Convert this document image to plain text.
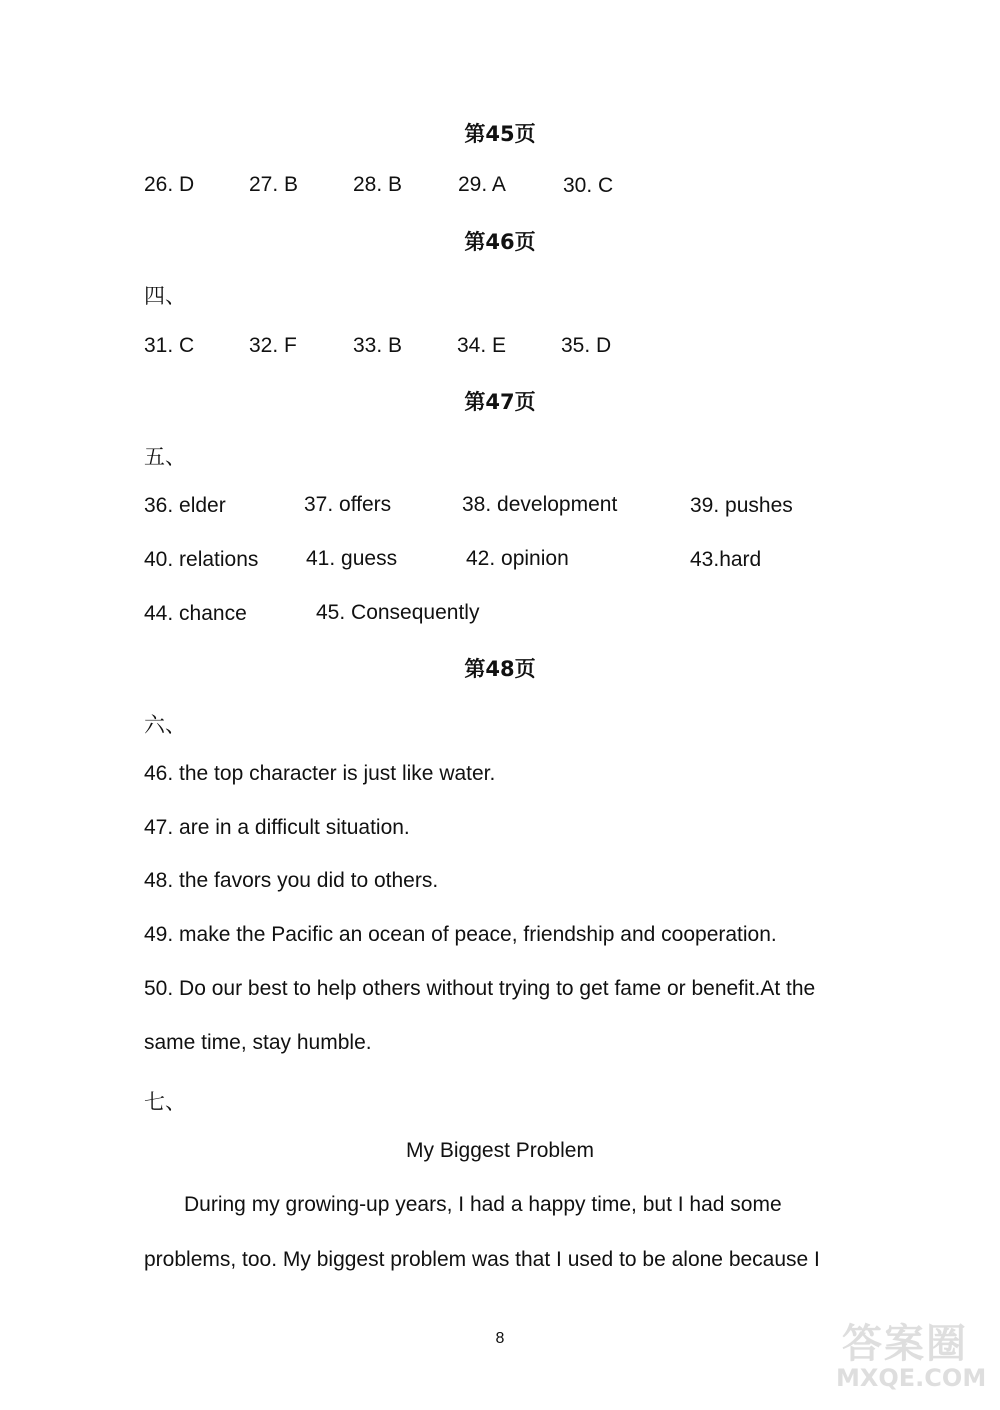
第45页
26. D	27. B	28. B	29. A	30. C
第46页
四、
31. C	32. F	33. B	34. E	35. D
第47页
五、
36. elder	37. offers	38. development	39. pushes
40. relations 41. guess	42. opinion	43.hard
44. chance	45. Consequently
第48页
六、
46. the top character is just like water.
47. are in a difficult situation.
48. the favors you did to others.
49. make the Pacific an ocean of peace, friendship and cooperation.
50. Do our best to help others without trying to get fame or benefit.At the
same time, stay humble.
七、
My Biggest Problem
During my growing-up years, I had a happy time, but I had some
problems, too. My biggest problem was that I used to be alone because I
8	答案圈
MXQE.COM
